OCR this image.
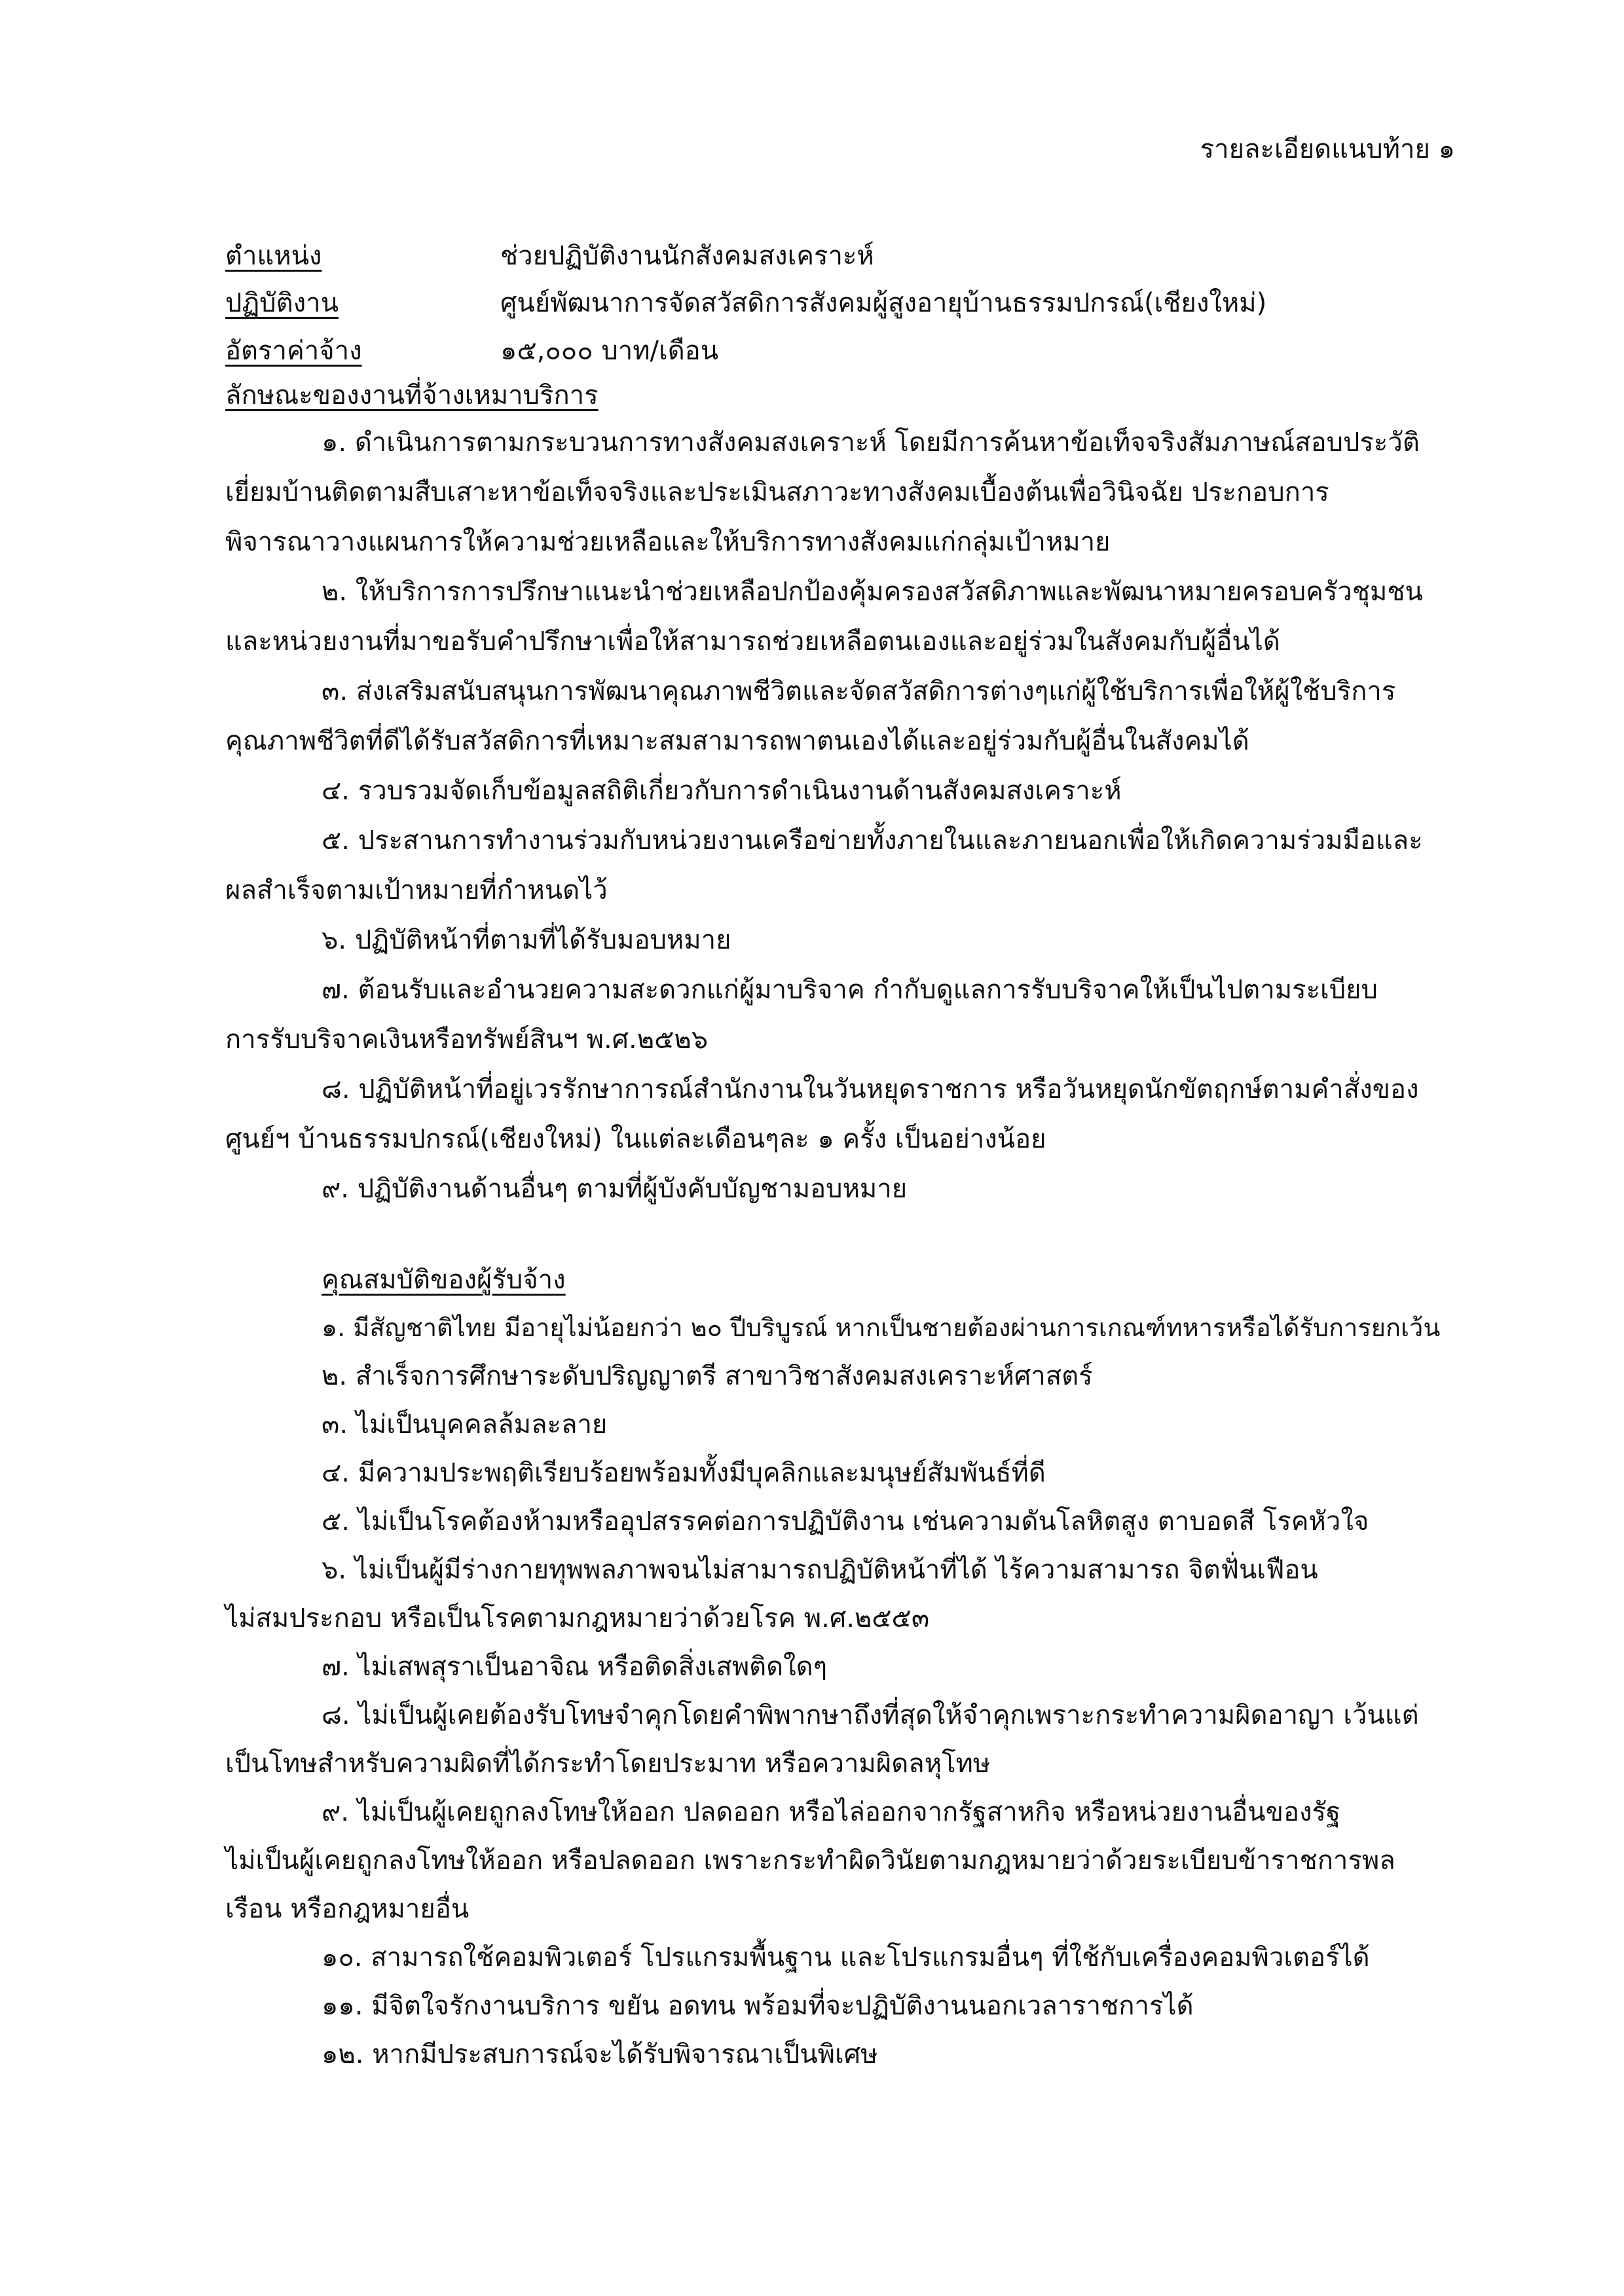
รายละเอียดแนบท้าย ๑
ตำแหน่ง	ช่วยปฏิบัติงานนักสังคมสงเคราะห์
ปฏิบัติงาน	ศูนย์พัฒนาการจัดสวัสดิการสังคมผู้สูงอายุบ้านธรรมปกรณ์(เชียงใหม่)
อัตราค่าจ้าง	๑๕,๐๐๐ บาท/เดือน
ลักษณะของงานที่จ้างเหมาบริการ
๑. ดำเนินการตามกระบวนการทางสังคมสงเคราะห์ โดยมีการค้นหาข้อเท็จจริงสัมภาษณ์สอบประวัติ
เยี่ยมบ้านติดตามสืบเสาะหาข้อเท็จจริงและประเมินสภาวะทางสังคมเบื้องต้นเพื่อวินิจฉัย ประกอบการ
พิจารณาวางแผนการให้ความช่วยเหลือและให้บริการทางสังคมแก่กลุ่มเป้าหมาย
๒. ให้บริการการปรึกษาแนะนำช่วยเหลือปกป้องคุ้มครองสวัสดิภาพและพัฒนาหมายครอบครัวชุมชน
และหน่วยงานที่มาขอรับคำปรึกษาเพื่อให้สามารถช่วยเหลือตนเองและอยู่ร่วมในสังคมกับผู้อื่นได้
๓. ส่งเสริมสนับสนุนการพัฒนาคุณภาพชีวิตและจัดสวัสดิการต่างๆแก่ผู้ใช้บริการเพื่อให้ผู้ใช้บริการ
คุณภาพชีวิตที่ดีได้รับสวัสดิการที่เหมาะสมสามารถพาตนเองได้และอยู่ร่วมกับผู้อื่นในสังคมได้
๔. รวบรวมจัดเก็บข้อมูลสถิติเกี่ยวกับการดำเนินงานด้านสังคมสงเคราะห์
๕. ประสานการทำงานร่วมกับหน่วยงานเครือข่ายทั้งภายในและภายนอกเพื่อให้เกิดความร่วมมือและ
ผลสำเร็จตามเป้าหมายที่กำหนดไว้
๖. ปฏิบัติหน้าที่ตามที่ได้รับมอบหมาย
๗. ต้อนรับและอำนวยความสะดวกแก่ผู้มาบริจาค กำกับดูแลการรับบริจาคให้เป็นไปตามระเบียบ
การรับบริจาคเงินหรือทรัพย์สินฯ พ.ศ.๒๕๒๖
๘. ปฏิบัติหน้าที่อยู่เวรรักษาการณ์สำนักงานในวันหยุดราชการ หรือวันหยุดนักขัตฤกษ์ตามคำสั่งของ
ศูนย์ฯ บ้านธรรมปกรณ์(เชียงใหม่) ในแต่ละเดือนๆละ ๑ ครั้ง เป็นอย่างน้อย
๙. ปฏิบัติงานด้านอื่นๆ ตามที่ผู้บังคับบัญชามอบหมาย
คุณสมบัติของผู้รับจ้าง
๑. มีสัญชาติไทย มีอายุไม่น้อยกว่า ๒๐ ปีบริบูรณ์ หากเป็นชายต้องผ่านการเกณฑ์ทหารหรือได้รับการยกเว้น
๒. สำเร็จการศึกษาระดับปริญญาตรี สาขาวิชาสังคมสงเคราะห์ศาสตร์
๓. ไม่เป็นบุคคลล้มละลาย
๔. มีความประพฤติเรียบร้อยพร้อมทั้งมีบุคลิกและมนุษย์สัมพันธ์ที่ดี
๕. ไม่เป็นโรคต้องห้ามหรืออุปสรรคต่อการปฏิบัติงาน เช่นความดันโลหิตสูง ตาบอดสี โรคหัวใจ
๖. ไม่เป็นผู้มีร่างกายทุพพลภาพจนไม่สามารถปฏิบัติหน้าที่ได้ ไร้ความสามารถ จิตฟั่นเฟือน
ไม่สมประกอบ หรือเป็นโรคตามกฎหมายว่าด้วยโรค พ.ศ.๒๕๕๓
๗. ไม่เสพสุราเป็นอาจิณ หรือติดสิ่งเสพติดใดๆ
๘. ไม่เป็นผู้เคยต้องรับโทษจำคุกโดยคำพิพากษาถึงที่สุดให้จำคุกเพราะกระทำความผิดอาญา เว้นแต่
เป็นโทษสำหรับความผิดที่ได้กระทำโดยประมาท หรือความผิดลหุโทษ
๙. ไม่เป็นผู้เคยถูกลงโทษให้ออก ปลดออก หรือไล่ออกจากรัฐสาหกิจ หรือหน่วยงานอื่นของรัฐ
ไม่เป็นผู้เคยถูกลงโทษให้ออก หรือปลดออก เพราะกระทำผิดวินัยตามกฎหมายว่าด้วยระเบียบข้าราชการพล
เรือน หรือกฎหมายอื่น
๑๐. สามารถใช้คอมพิวเตอร์ โปรแกรมพื้นฐาน และโปรแกรมอื่นๆ ที่ใช้กับเครื่องคอมพิวเตอร์ได้
๑๑. มีจิตใจรักงานบริการ ขยัน อดทน พร้อมที่จะปฏิบัติงานนอกเวลาราชการได้
๑๒. หากมีประสบการณ์จะได้รับพิจารณาเป็นพิเศษ
